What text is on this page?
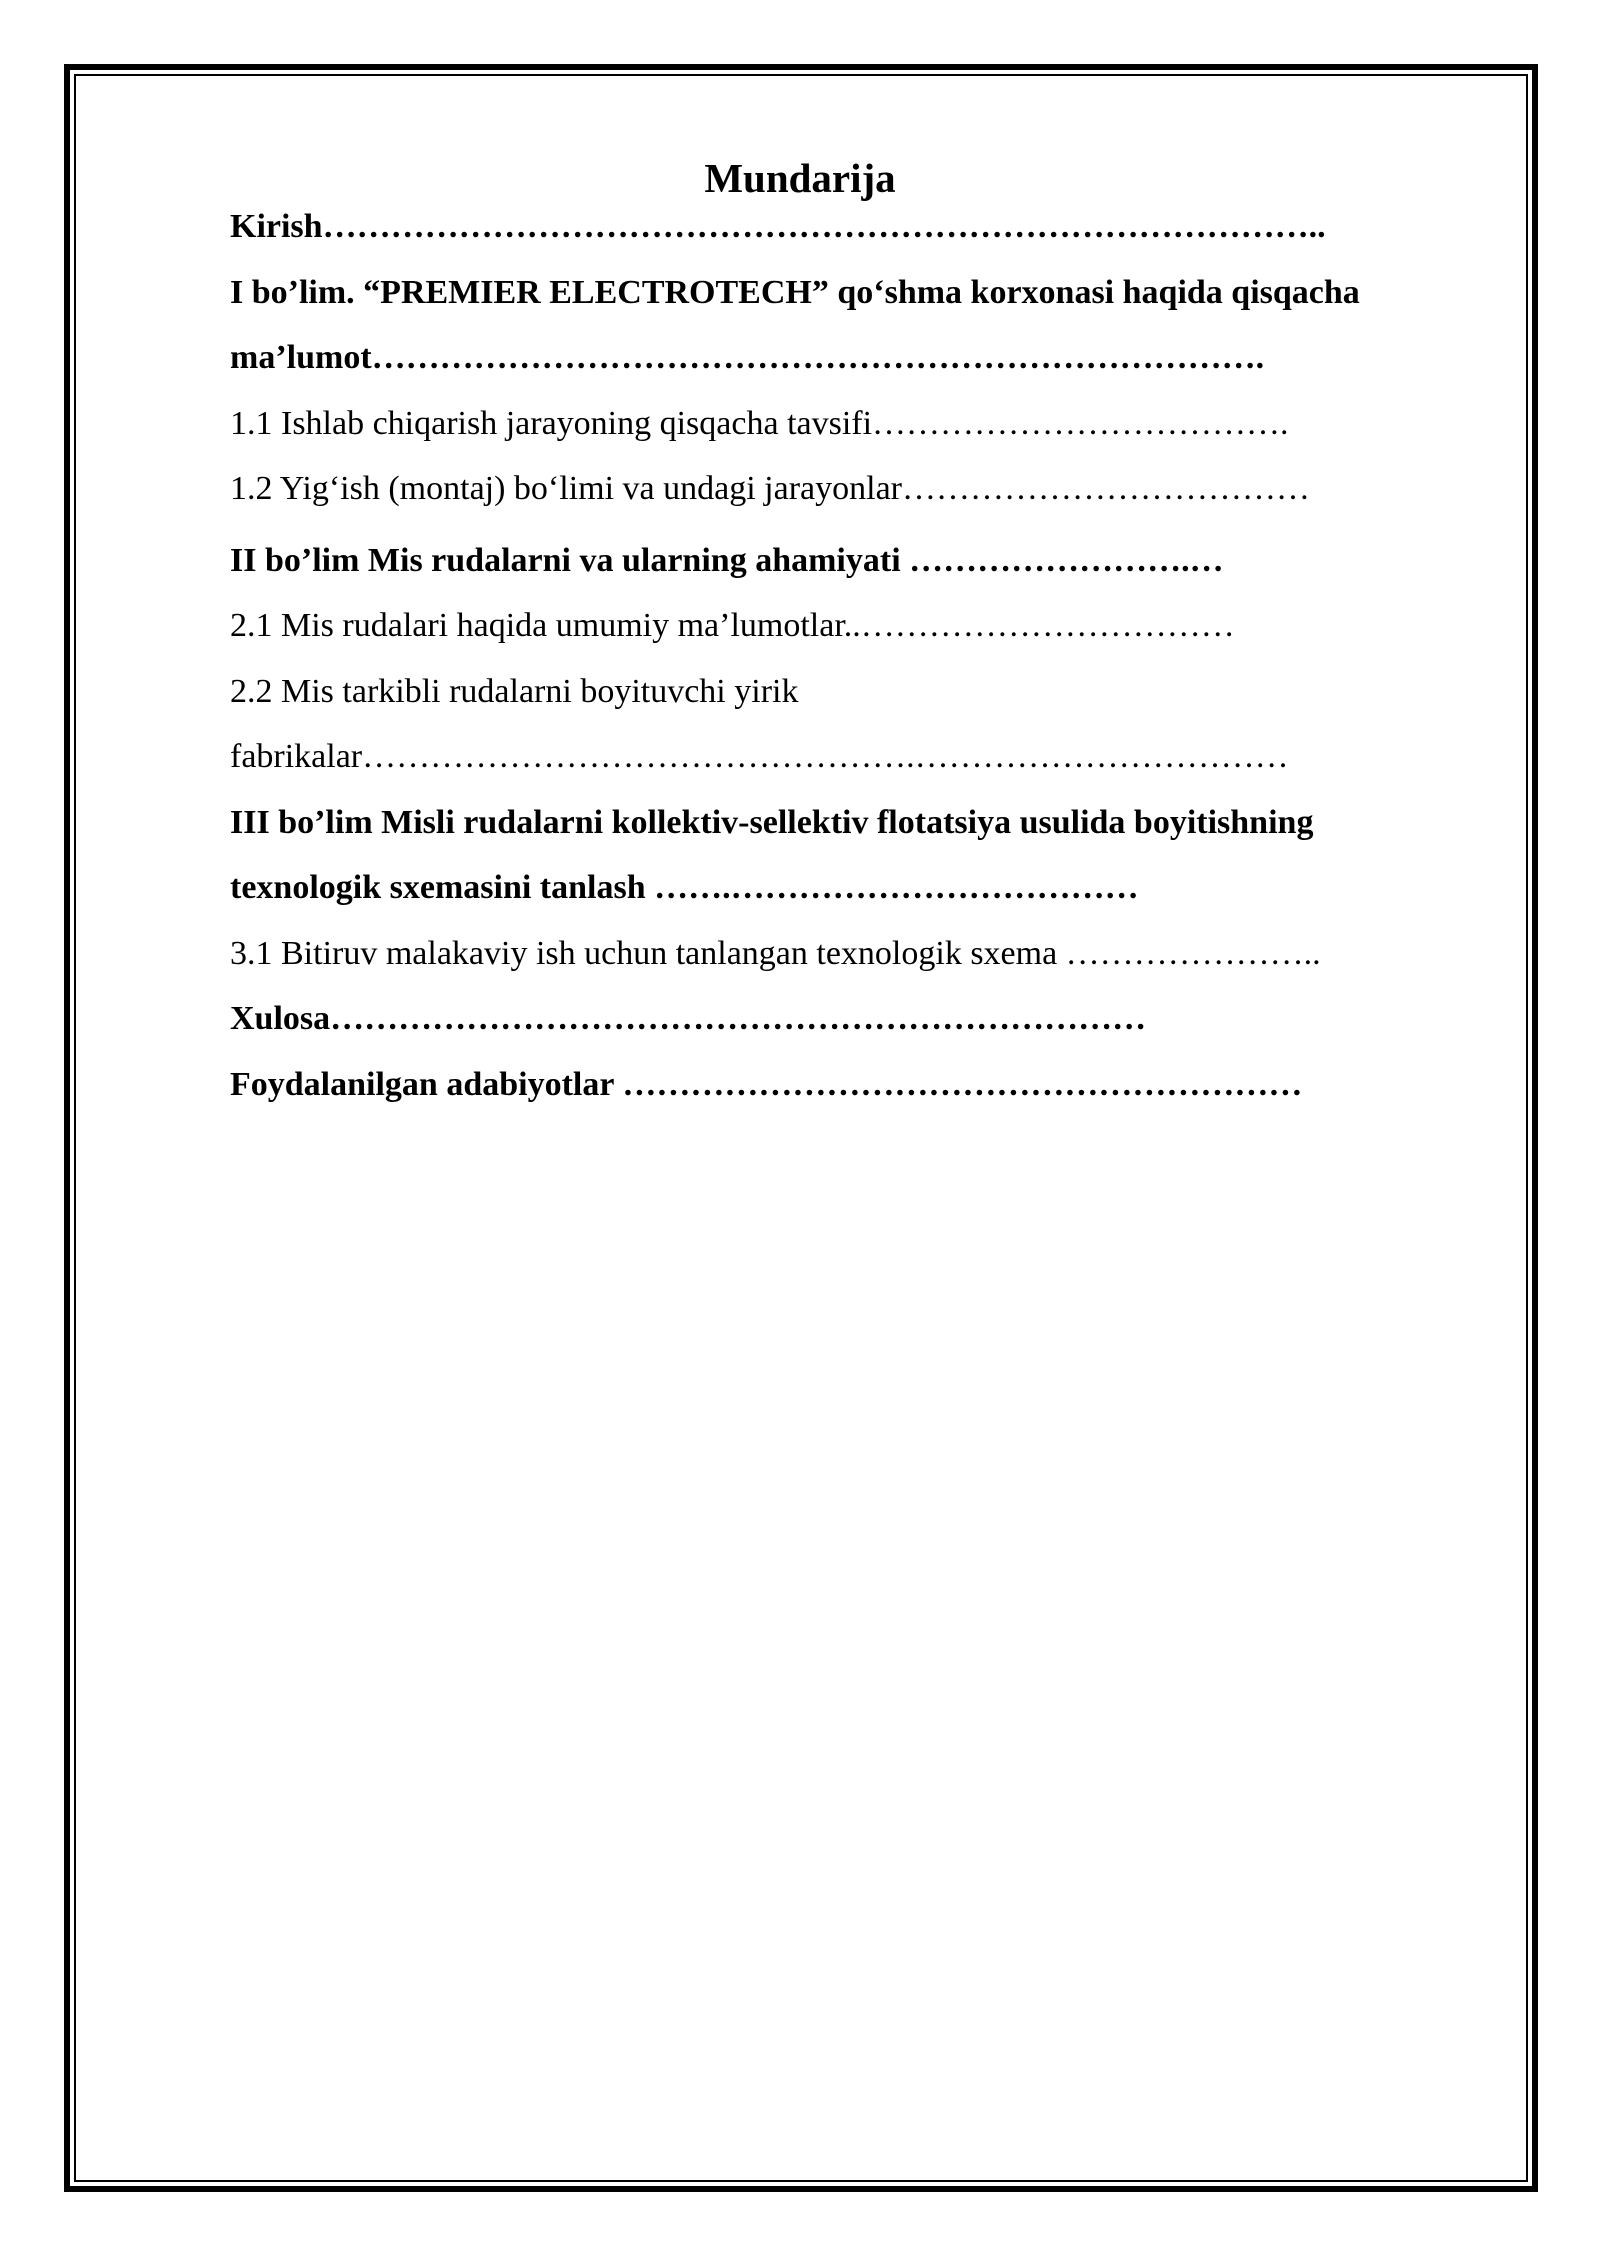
Mundarija
Kirish……………………………………………………………………………..
I bo’lim. “PREMIER ELECTROTECH” qo‘shma korxonasi haqida qisqacha
ma’lumot…………………………………………………………………….
1.1 Ishlab chiqarish jarayoning qisqacha tavsifi……………………………….
1.2 Yig‘ish (montaj) bo‘limi va undagi jarayonlar………………………………
II bo’lim Mis rudalarni va ularning ahamiyati …………………….…
2.1 Mis rudalari haqida umumiy ma’lumotlar..……………………………
2.2 Mis tarkibli rudalarni boyituvchi yirik
fabrikalar………………………………………….……………………………
III bo’lim Misli rudalarni kollektiv-sellektiv flotatsiya usulida boyitishning
texnologik sxemasini tanlash …….………………………………
3.1 Bitiruv malakaviy ish uchun tanlangan texnologik sxema …………………..
Xulosa………………………………………………………………
Foydalanilgan adabiyotlar ……………………………………………………
